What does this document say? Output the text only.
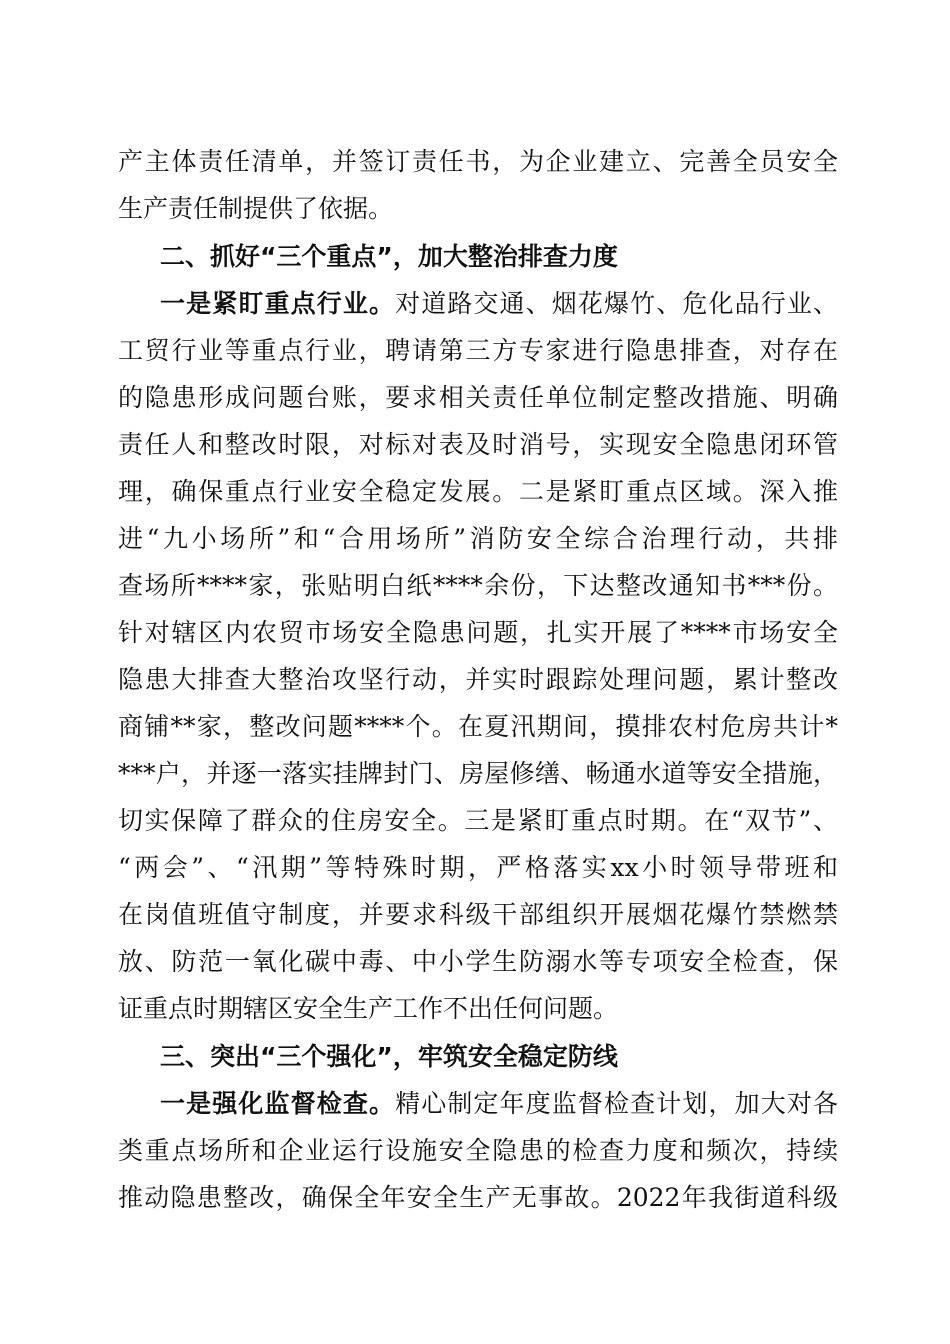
产主体责任清单，并签订责任书，为企业建立、完善全员安全
生产责任制提供了依据。
二、抓好“三个重点”，加大整治排查力度
一是紧盯重点行业。对道路交通、烟花爆竹、危化品行业、
工贸行业等重点行业，聘请第三方专家进行隐患排查，对存在
的隐患形成问题台账，要求相关责任单位制定整改措施、明确
责任人和整改时限，对标对表及时消号，实现安全隐患闭环管
理，确保重点行业安全稳定发展。二是紧盯重点区域。深入推
进“九小场所”和“合用场所”消防安全综合治理行动，共排
查场所****家，张贴明白纸****余份，下达整改通知书***份。
针对辖区内农贸市场安全隐患问题，扎实开展了****市场安全
隐患大排查大整治攻坚行动，并实时跟踪处理问题，累计整改
商铺**家，整改问题****个。在夏汛期间，摸排农村危房共计*
***户，并逐一落实挂牌封门、房屋修缮、畅通水道等安全措施，
切实保障了群众的住房安全。三是紧盯重点时期。在“双节”、
“两会”、“汛期”等特殊时期，严格落实xx小时领导带班和
在岗值班值守制度，并要求科级干部组织开展烟花爆竹禁燃禁
放、防范一氧化碳中毒、中小学生防溺水等专项安全检查，保
证重点时期辖区安全生产工作不出任何问题。
三、突出“三个强化”，牢筑安全稳定防线
一是强化监督检查。精心制定年度监督检查计划，加大对各
类重点场所和企业运行设施安全隐患的检查力度和频次，持续
推动隐患整改，确保全年安全生产无事故。2022年我街道科级
